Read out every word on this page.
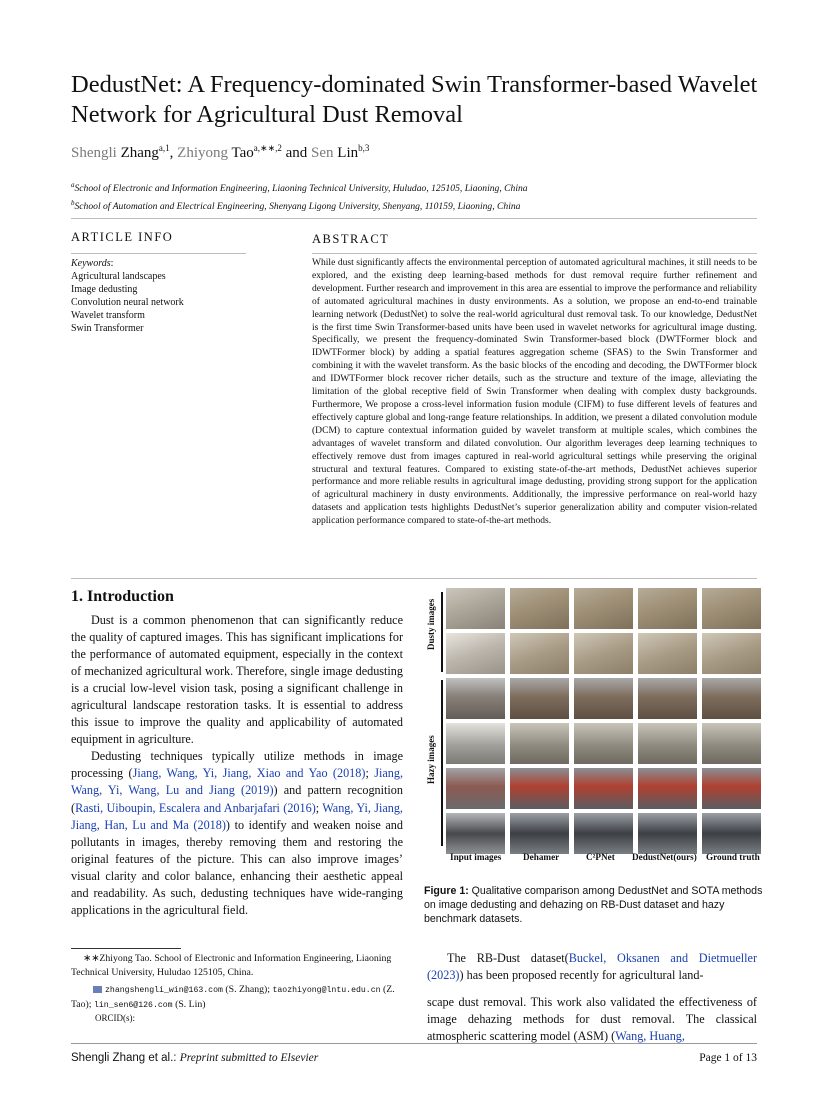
DedustNet: A Frequency-dominated Swin Transformer-based Wavelet Network for Agricultural Dust Removal
Shengli Zhang$^{a,1}$, Zhiyong Tao$^{a,∗∗,2}$ and Sen Lin$^{b,3}$
$^a$School of Electronic and Information Engineering, Liaoning Technical University, Huludao, 125105, Liaoning, China
$^b$School of Automation and Electrical Engineering, Shenyang Ligong University, Shenyang, 110159, Liaoning, China
ARTICLE INFO	ABSTRACT
Keywords:
Agricultural landscapes
Image dedusting
Convolution neural network
Wavelet transform
Swin Transformer
While dust significantly affects the environmental perception of automated agricultural machines, it still needs to be explored, and the existing deep learning-based methods for dust removal require further refinement and development. Further research and improvement in this area are essential to improve the performance and reliability of automated agricultural machines in dusty environments. As a solution, we propose an end-to-end trainable learning network (DedustNet) to solve the real-world agricultural dust removal task. To our knowledge, DedustNet is the first time Swin Transformer-based units have been used in wavelet networks for agricultural image dusting. Specifically, we present the frequency-dominated Swin Transformer-based block (DWTFormer block and IDWTFormer block) by adding a spatial features aggregation scheme (SFAS) to the Swin Transformer and combining it with the wavelet transform. As the basic blocks of the encoding and decoding, the DWTFormer block and IDWTFormer block recover richer details, such as the structure and texture of the image, alleviating the limitation of the global receptive field of Swin Transformer when dealing with complex dusty backgrounds. Furthermore, We propose a cross-level information fusion module (CIFM) to fuse different levels of features and effectively capture global and long-range feature relationships. In addition, we present a dilated convolution module (DCM) to capture contextual information guided by wavelet transform at multiple scales, which combines the advantages of wavelet transform and dilated convolution. Our algorithm leverages deep learning techniques to effectively remove dust from images captured in real-world agricultural settings while preserving the original structural and textural features. Compared to existing state-of-the-art methods, DedustNet achieves superior performance and more reliable results in agricultural image dedusting, providing strong support for the application of agricultural machinery in dusty environments. Additionally, the impressive performance on real-world hazy datasets and application tests highlights DedustNet’s superior generalization ability and computer vision-related application performance compared to state-of-the-art methods.
1. Introduction

Dust is a common phenomenon that can significantly reduce the quality of captured images. This has significant implications for the performance of automated equipment, especially in the context of mechanized agricultural work. Therefore, single image dedusting is a crucial low-level vision task, posing a significant challenge in agricultural landscape restoration tasks. It is essential to address this issue to improve the quality and applicability of automated equipment in agriculture.

Dedusting techniques typically utilize methods in image processing (Jiang, Wang, Yi, Jiang, Xiao and Yao (2018); Jiang, Wang, Yi, Wang, Lu and Jiang (2019)) and pattern recognition (Rasti, Uiboupin, Escalera and Anbarjafari (2016); Wang, Yi, Jiang, Jiang, Han, Lu and Ma (2018)) to identify and weaken noise and pollutants in images, thereby removing them and restoring the original features of the picture. This can also improve images’ visual clarity and color balance, enhancing their aesthetic appeal and readability. As such, dedusting techniques have wide-ranging applications in the agricultural field.

∗∗Zhiyong Tao. School of Electronic and Information Engineering, Liaoning Technical University, Huludao 125105, China.
zhangshengli_win@163.com (S. Zhang); taozhiyong@lntu.edu.cn (Z. Tao); lin_sen6@126.com (S. Lin)
ORCID(s):
Dusty images
Hazy images
Input images Dehamer	C²PNet DedustNet(ours) Ground truth
Figure 1: Qualitative comparison among DedustNet and SOTA methods on image dedusting and dehazing on RB-Dust dataset and hazy benchmark datasets.
The RB-Dust dataset(Buckel, Oksanen and Dietmueller (2023)) has been proposed recently for agricultural land-
scape dust removal. This work also validated the effectiveness of image dehazing methods for dust removal. The classical atmospheric scattering model (ASM) (Wang, Huang,
Shengli Zhang et al.: Preprint submitted to Elsevier	Page 1 of 13
